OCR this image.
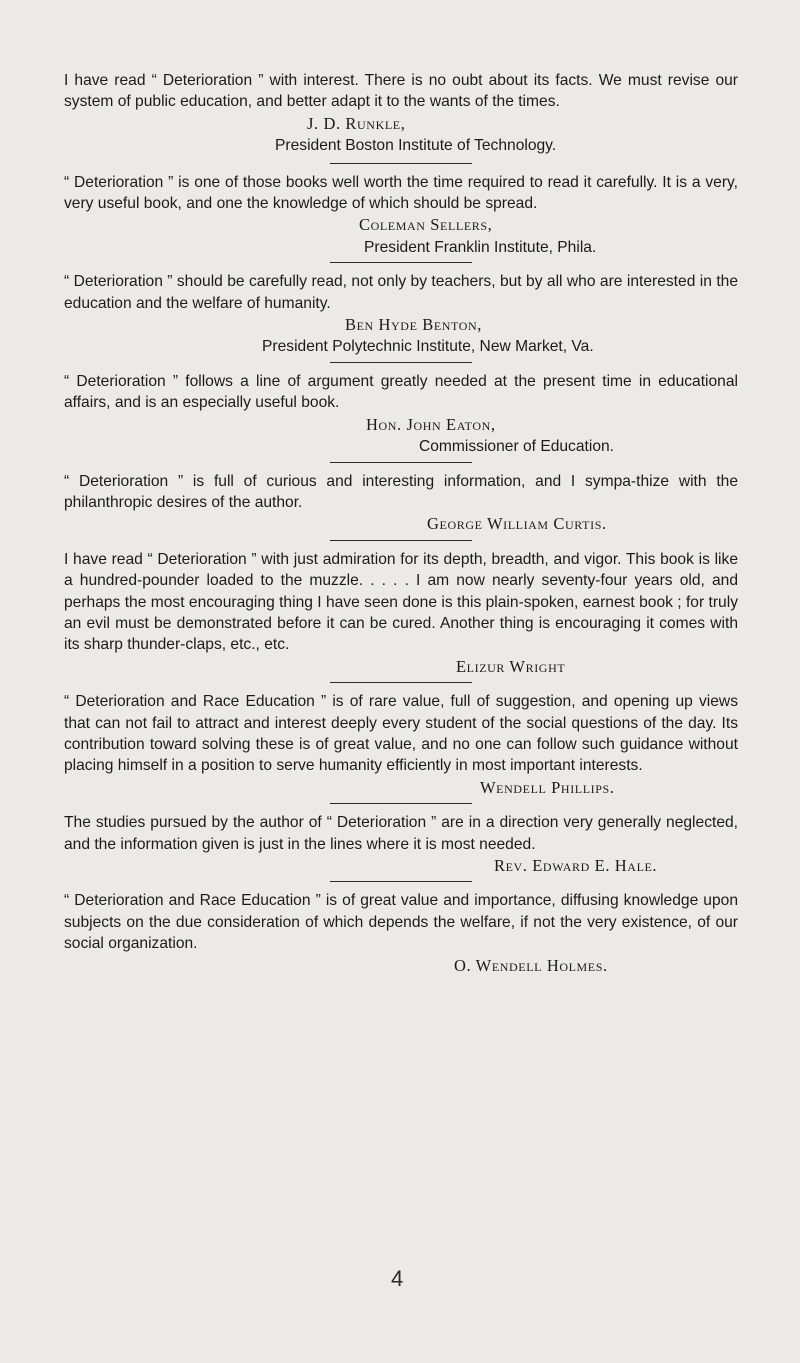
I have read “ Deterioration ” with interest. There is no oubt about its facts. We must revise our system of public education, and better adapt it to the wants of the times.

J. D. Runkle,

President Boston Institute of Technology.

“ Deterioration ” is one of those books well worth the time required to read it carefully. It is a very, very useful book, and one the knowledge of which should be spread.

Coleman Sellers,

President Franklin Institute, Phila.

“ Deterioration ” should be carefully read, not only by teachers, but by all who are interested in the education and the welfare of humanity.

Ben Hyde Benton,

President Polytechnic Institute, New Market, Va.

“ Deterioration ” follows a line of argument greatly needed at the present time in educational affairs, and is an especially useful book.

Hon. John Eaton,

Commissioner of Education.

“ Deterioration ” is full of curious and interesting information, and I sympa-thize with the philanthropic desires of the author.

George William Curtis.

I have read “ Deterioration ” with just admiration for its depth, breadth, and vigor. This book is like a hundred-pounder loaded to the muzzle. . . . . I am now nearly seventy-four years old, and perhaps the most encouraging thing I have seen done is this plain-spoken, earnest book ; for truly an evil must be demonstrated before it can be cured. Another thing is encouraging it comes with its sharp thunder-claps, etc., etc.

Elizur Wright

“ Deterioration and Race Education ” is of rare value, full of suggestion, and opening up views that can not fail to attract and interest deeply every student of the social questions of the day. Its contribution toward solving these is of great value, and no one can follow such guidance without placing himself in a position to serve humanity efficiently in most important interests.

Wendell Phillips.

The studies pursued by the author of “ Deterioration ” are in a direction very generally neglected, and the information given is just in the lines where it is most needed.

Rev. Edward E. Hale.

“ Deterioration and Race Education ” is of great value and importance, diffusing knowledge upon subjects on the due consideration of which depends the welfare, if not the very existence, of our social organization.

O. Wendell Holmes.

4
